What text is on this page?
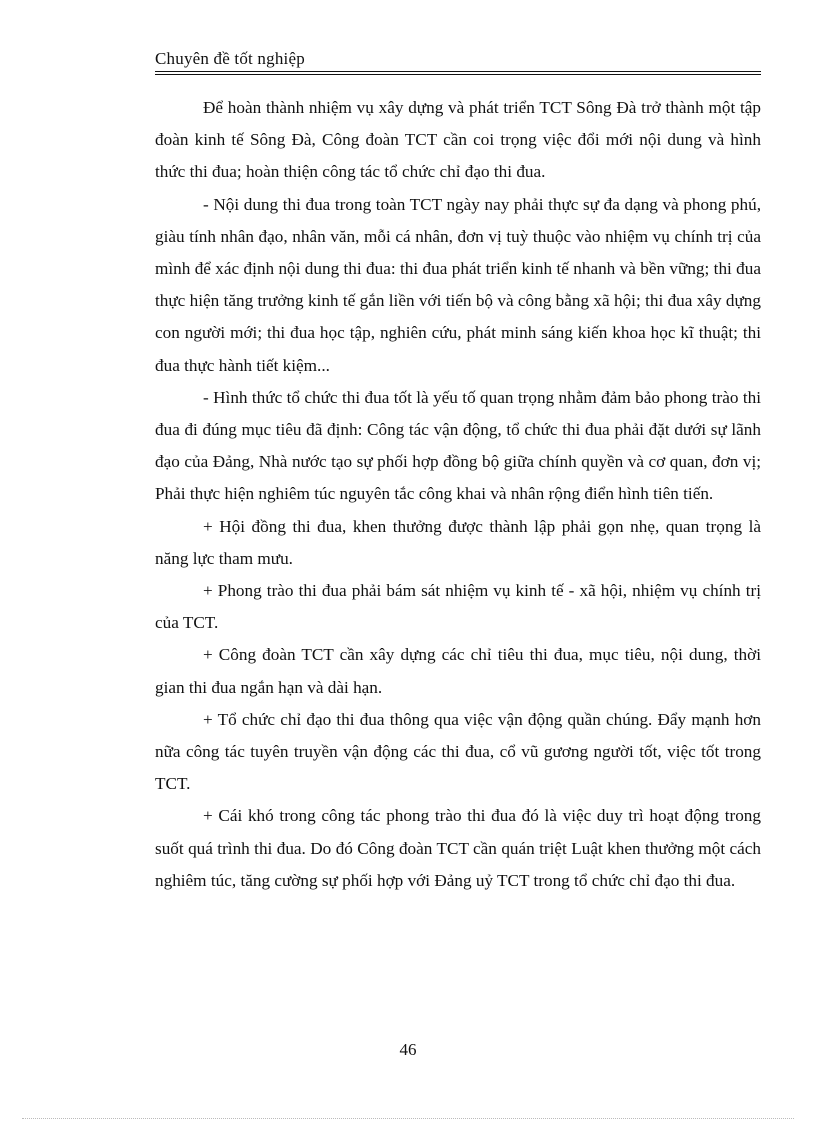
Chuyên đề tốt nghiệp

Để hoàn thành nhiệm vụ xây dựng và phát triển TCT Sông Đà trở thành một tập đoàn kinh tế Sông Đà, Công đoàn TCT cần coi trọng việc đổi mới nội dung và hình thức thi đua; hoàn thiện công tác tổ chức chỉ đạo thi đua.

- Nội dung thi đua trong toàn TCT ngày nay phải thực sự đa dạng và phong phú, giàu tính nhân đạo, nhân văn, mỗi cá nhân, đơn vị tuỳ thuộc vào nhiệm vụ chính trị của mình để xác định nội dung thi đua: thi đua phát triển kinh tế nhanh và bền vững; thi đua thực hiện tăng trưởng kinh tế gắn liền với tiến bộ và công bằng xã hội; thi đua xây dựng con người mới; thi đua học tập, nghiên cứu, phát minh sáng kiến khoa học kĩ thuật; thi đua thực hành tiết kiệm...

- Hình thức tổ chức thi đua tốt là yếu tố quan trọng nhằm đảm bảo phong trào thi đua đi đúng mục tiêu đã định: Công tác vận động, tổ chức thi đua phải đặt dưới sự lãnh đạo của Đảng, Nhà nước tạo sự phối hợp đồng bộ giữa chính quyền và cơ quan, đơn vị; Phải thực hiện nghiêm túc nguyên tắc công khai và nhân rộng điển hình tiên tiến.

+ Hội đồng thi đua, khen thưởng được thành lập phải gọn nhẹ, quan trọng là năng lực tham mưu.

+ Phong trào thi đua phải bám sát nhiệm vụ kinh tế - xã hội, nhiệm vụ chính trị của TCT.

+ Công đoàn TCT cần xây dựng các chỉ tiêu thi đua, mục tiêu, nội dung, thời gian thi đua ngắn hạn và dài hạn.

+ Tổ chức chỉ đạo thi đua thông qua việc vận động quần chúng. Đẩy mạnh hơn nữa công tác tuyên truyền vận động các thi đua, cổ vũ gương người tốt, việc tốt trong TCT.

+ Cái khó trong công tác phong trào thi đua đó là việc duy trì hoạt động trong suốt quá trình thi đua. Do đó Công đoàn TCT cần quán triệt Luật khen thưởng một cách nghiêm túc, tăng cường sự phối hợp với Đảng uỷ TCT trong tổ chức chỉ đạo thi đua.

46
